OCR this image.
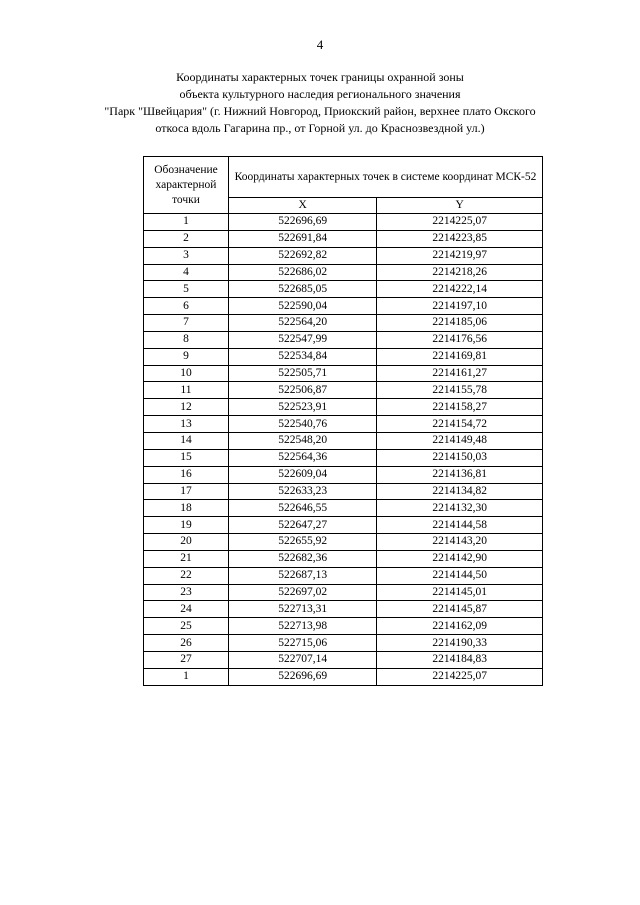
4
Координаты характерных точек границы охранной зоны
объекта культурного наследия регионального значения
"Парк "Швейцария" (г. Нижний Новгород, Приокский район, верхнее плато Окского
откоса вдоль Гагарина пр., от Горной ул. до Краснозвездной ул.)
Обозначение характерной точки	Координаты характерных точек в системе координат МСК-52	
	X	Y
1	522696,69	2214225,07
2	522691,84	2214223,85
3	522692,82	2214219,97
4	522686,02	2214218,26
5	522685,05	2214222,14
6	522590,04	2214197,10
7	522564,20	2214185,06
8	522547,99	2214176,56
9	522534,84	2214169,81
10	522505,71	2214161,27
11	522506,87	2214155,78
12	522523,91	2214158,27
13	522540,76	2214154,72
14	522548,20	2214149,48
15	522564,36	2214150,03
16	522609,04	2214136,81
17	522633,23	2214134,82
18	522646,55	2214132,30
19	522647,27	2214144,58
20	522655,92	2214143,20
21	522682,36	2214142,90
22	522687,13	2214144,50
23	522697,02	2214145,01
24	522713,31	2214145,87
25	522713,98	2214162,09
26	522715,06	2214190,33
27	522707,14	2214184,83
1	522696,69	2214225,07
